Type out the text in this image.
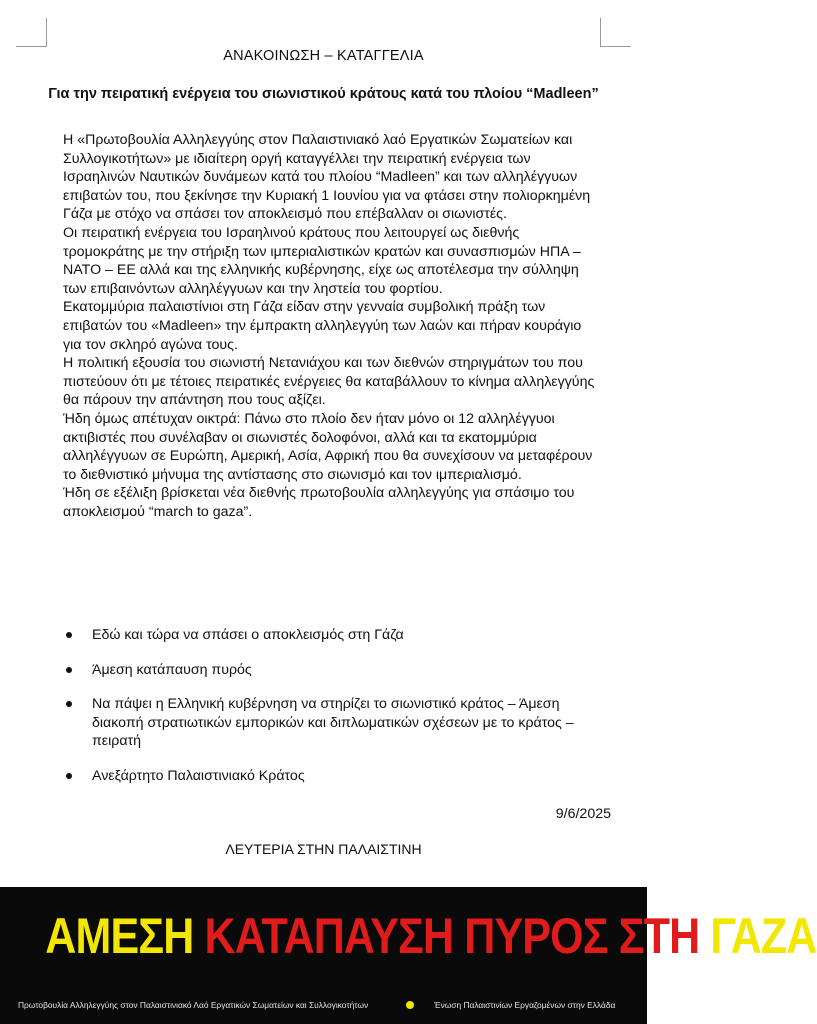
ΑΝΑΚΟΙΝΩΣΗ – ΚΑΤΑΓΓΕΛΙΑ
Για την πειρατική ενέργεια του σιωνιστικού κράτους κατά του πλοίου “Madleen”

Η «Πρωτοβουλία Αλληλεγγύης στον Παλαιστινιακό λαό Εργατικών Σωματείων και Συλλογικοτήτων» με ιδιαίτερη οργή καταγγέλλει την πειρατική ενέργεια των Ισραηλινών Ναυτικών δυνάμεων κατά του πλοίου “Madleen” και των αλληλέγγυων επιβατών του, που ξεκίνησε την Κυριακή 1 Ιουνίου για να φτάσει στην πολιορκημένη Γάζα με στόχο να σπάσει τον αποκλεισμό που επέβαλλαν οι σιωνιστές.

Οι πειρατική ενέργεια του Ισραηλινού κράτους που λειτουργεί ως διεθνής τρομοκράτης με την στήριξη των ιμπεριαλιστικών κρατών και συνασπισμών ΗΠΑ – ΝΑΤΟ – ΕΕ αλλά και της ελληνικής κυβέρνησης, είχε ως αποτέλεσμα την σύλληψη των επιβαινόντων αλληλέγγυων και την ληστεία του φορτίου.

Εκατομμύρια παλαιστίνιοι στη Γάζα είδαν στην γενναία συμβολική πράξη των επιβατών του «Madleen» την έμπρακτη αλληλεγγύη των λαών και πήραν κουράγιο για τον σκληρό αγώνα τους.

Η πολιτική εξουσία του σιωνιστή Νετανιάχου και των διεθνών στηριγμάτων του που πιστεύουν ότι με τέτοιες πειρατικές ενέργειες θα καταβάλλουν το κίνημα αλληλεγγύης θα πάρουν την απάντηση που τους αξίζει.

Ήδη όμως απέτυχαν οικτρά: Πάνω στο πλοίο δεν ήταν μόνο οι 12 αλληλέγγυοι ακτιβιστές που συνέλαβαν οι σιωνιστές δολοφόνοι, αλλά και τα εκατομμύρια αλληλέγγυων σε Ευρώπη, Αμερική, Ασία, Αφρική που θα συνεχίσουν να μεταφέρουν το διεθνιστικό μήνυμα της αντίστασης στο σιωνισμό και τον ιμπεριαλισμό.

Ήδη σε εξέλιξη βρίσκεται νέα διεθνής πρωτοβουλία αλληλεγγύης για σπάσιμο του αποκλεισμού “march to gaza”.

Εδώ και τώρα να σπάσει ο αποκλεισμός στη Γάζα
Άμεση κατάπαυση πυρός
Να πάψει η Ελληνική κυβέρνηση να στηρίζει το σιωνιστικό κράτος – Άμεση διακοπή στρατιωτικών εμπορικών και διπλωματικών σχέσεων με το κράτος – πειρατή
Ανεξάρτητο Παλαιστινιακό Κράτος
9/6/2025
ΛΕΥΤΕΡΙΑ ΣΤΗΝ ΠΑΛΑΙΣΤΙΝΗ
ΑΜΕΣΗ ΚΑΤΑΠΑΥΣΗ ΠΥΡΟΣ ΣΤΗ ΓΑΖΑ
Πρωτοβουλία Αλληλεγγύης στον Παλαιστινιακό Λαό Εργατικών Σωματείων και Συλλογικοτήτων	Ένωση Παλαιστινίων Εργαζομένων στην Ελλάδα
